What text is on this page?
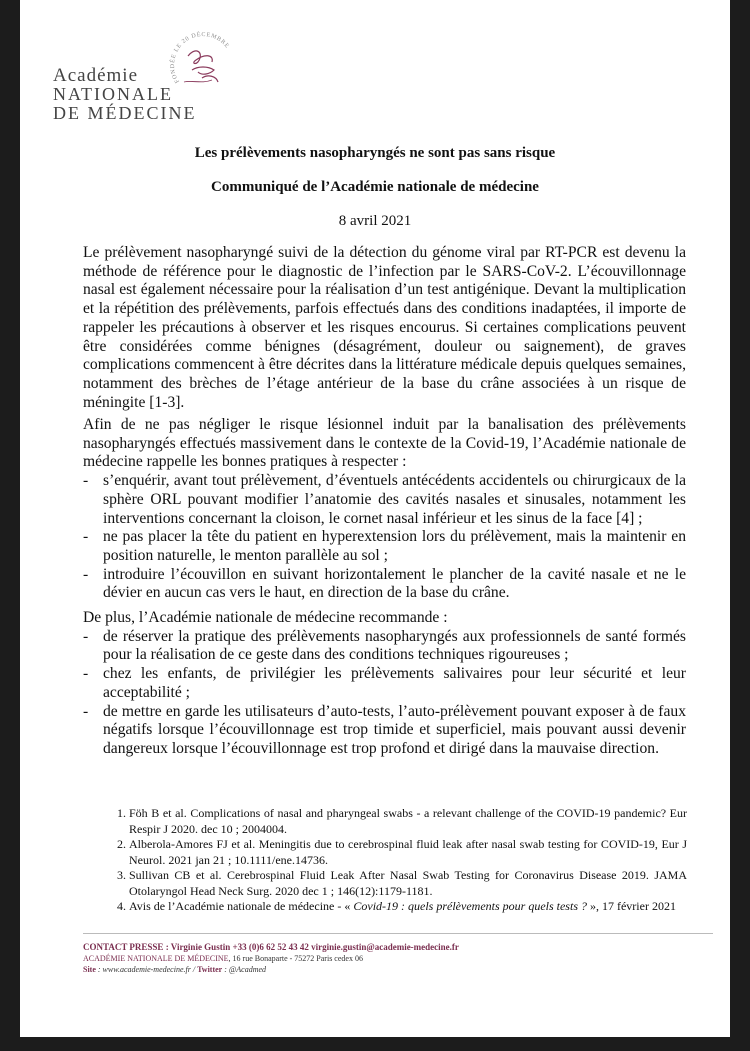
Académie
NATIONALE
DE MÉDECINE
FONDÉE LE 20 DÉCEMBRE
Les prélèvements nasopharyngés ne sont pas sans risque
Communiqué de l’Académie nationale de médecine
8 avril 2021

Le prélèvement nasopharyngé suivi de la détection du génome viral par RT-PCR est devenu la méthode de référence pour le diagnostic de l’infection par le SARS-CoV-2. L’écouvillonnage nasal est également nécessaire pour la réalisation d’un test antigénique. Devant la multiplication et la répétition des prélèvements, parfois effectués dans des conditions inadaptées, il importe de rappeler les précautions à observer et les risques encourus. Si certaines complications peuvent être considérées comme bénignes (désagrément, douleur ou saignement), de graves complications commencent à être décrites dans la littérature médicale depuis quelques semaines, notamment des brèches de l’étage antérieur de la base du crâne associées à un risque de méningite [1-3].

Afin de ne pas négliger le risque lésionnel induit par la banalisation des prélèvements nasopharyngés effectués massivement dans le contexte de la Covid-19, l’Académie nationale de médecine rappelle les bonnes pratiques à respecter :

- s’enquérir, avant tout prélèvement, d’éventuels antécédents accidentels ou chirurgicaux de la sphère ORL pouvant modifier l’anatomie des cavités nasales et sinusales, notamment les interventions concernant la cloison, le cornet nasal inférieur et les sinus de la face [4] ;
- ne pas placer la tête du patient en hyperextension lors du prélèvement, mais la maintenir en position naturelle, le menton parallèle au sol ;
- introduire l’écouvillon en suivant horizontalement le plancher de la cavité nasale et ne le dévier en aucun cas vers le haut, en direction de la base du crâne.

De plus, l’Académie nationale de médecine recommande :

- de réserver la pratique des prélèvements nasopharyngés aux professionnels de santé formés pour la réalisation de ce geste dans des conditions techniques rigoureuses ;
- chez les enfants, de privilégier les prélèvements salivaires pour leur sécurité et leur acceptabilité ;
- de mettre en garde les utilisateurs d’auto-tests, l’auto-prélèvement pouvant exposer à de faux négatifs lorsque l’écouvillonnage est trop timide et superficiel, mais pouvant aussi devenir dangereux lorsque l’écouvillonnage est trop profond et dirigé dans la mauvaise direction.
1. Föh B et al. Complications of nasal and pharyngeal swabs - a relevant challenge of the COVID-19 pandemic? Eur Respir J 2020. dec 10 ; 2004004.
2. Alberola-Amores FJ et al. Meningitis due to cerebrospinal fluid leak after nasal swab testing for COVID-19, Eur J Neurol. 2021 jan 21 ; 10.1111/ene.14736.
3. Sullivan CB et al. Cerebrospinal Fluid Leak After Nasal Swab Testing for Coronavirus Disease 2019. JAMA Otolaryngol Head Neck Surg. 2020 dec 1 ; 146(12):1179-1181.
4. Avis de l’Académie nationale de médecine - « Covid-19 : quels prélèvements pour quels tests ? », 17 février 2021
CONTACT PRESSE : Virginie Gustin +33 (0)6 62 52 43 42 virginie.gustin@academie-medecine.fr
ACADÉMIE NATIONALE DE MÉDECINE, 16 rue Bonaparte - 75272 Paris cedex 06
Site : www.academie-medecine.fr / Twitter : @Acadmed
